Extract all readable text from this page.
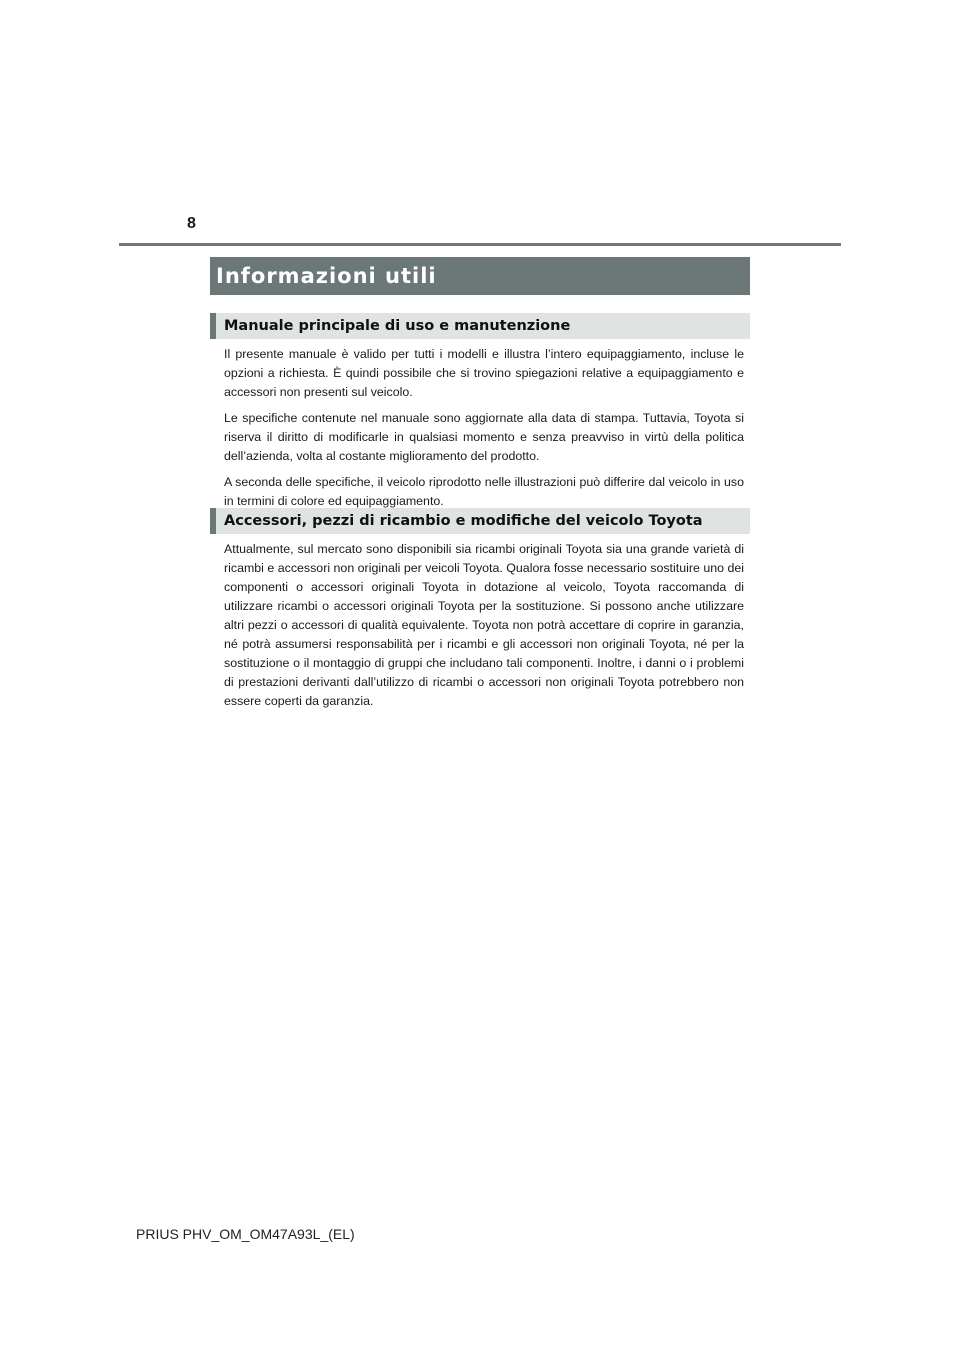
8
Informazioni utili
Manuale principale di uso e manutenzione

Il presente manuale è valido per tutti i modelli e illustra l’intero equipaggiamento, incluse le opzioni a richiesta. È quindi possibile che si trovino spiegazioni relative a equipaggiamento e accessori non presenti sul veicolo.

Le specifiche contenute nel manuale sono aggiornate alla data di stampa. Tuttavia, Toyota si riserva il diritto di modificarle in qualsiasi momento e senza preavviso in virtù della politica dell’azienda, volta al costante miglioramento del prodotto.

A seconda delle specifiche, il veicolo riprodotto nelle illustrazioni può differire dal veicolo in uso in termini di colore ed equipaggiamento.

Accessori, pezzi di ricambio e modifiche del veicolo Toyota

Attualmente, sul mercato sono disponibili sia ricambi originali Toyota sia una grande varietà di ricambi e accessori non originali per veicoli Toyota. Qualora fosse necessario sostituire uno dei componenti o accessori originali Toyota in dotazione al veicolo, Toyota raccomanda di utilizzare ricambi o accessori originali Toyota per la sostituzione. Si possono anche utilizzare altri pezzi o accessori di qualità equivalente. Toyota non potrà accettare di coprire in garanzia, né potrà assumersi responsabilità per i ricambi e gli accessori non originali Toyota, né per la sostituzione o il montaggio di gruppi che includano tali componenti. Inoltre, i danni o i problemi di prestazioni derivanti dall’utilizzo di ricambi o accessori non originali Toyota potrebbero non essere coperti da garanzia.

PRIUS PHV_OM_OM47A93L_(EL)
